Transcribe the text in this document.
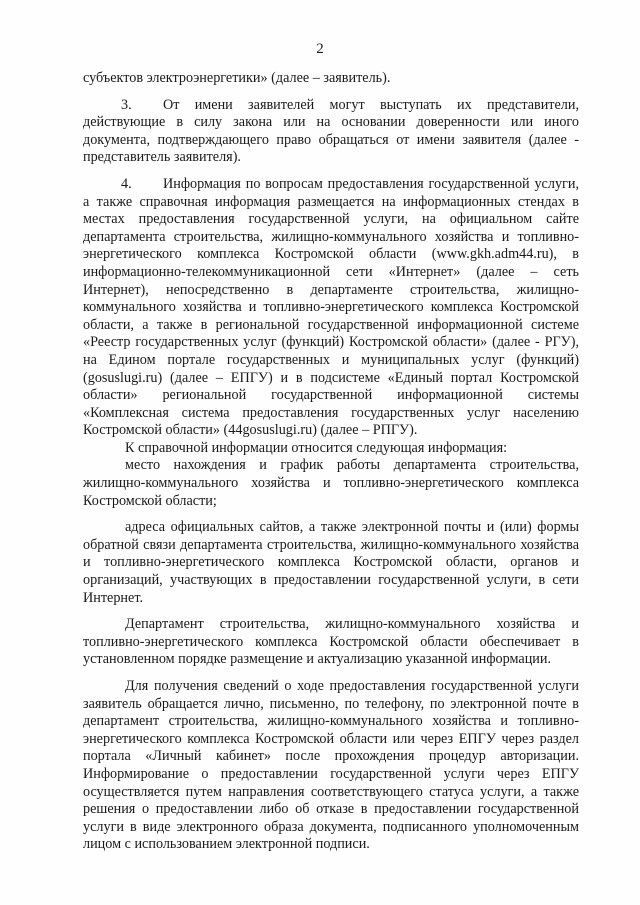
2

субъектов электроэнергетики» (далее – заявитель).

3. От имени заявителей могут выступать их представители, действующие в силу закона или на основании доверенности или иного документа, подтверждающего право обращаться от имени заявителя (далее - представитель заявителя).

4. Информация по вопросам предоставления государственной услуги, а также справочная информация размещается на информационных стендах в местах предоставления государственной услуги, на официальном сайте департамента строительства, жилищно-коммунального хозяйства и топливно-энергетического комплекса Костромской области (www.gkh.adm44.ru), в информационно-телекоммуникационной сети «Интернет» (далее – сеть Интернет), непосредственно в департаменте строительства, жилищно-коммунального хозяйства и топливно-энергетического комплекса Костромской области, а также в региональной государственной информационной системе «Реестр государственных услуг (функций) Костромской области» (далее - РГУ), на Едином портале государственных и муниципальных услуг (функций) (gosuslugi.ru) (далее – ЕПГУ) и в подсистеме «Единый портал Костромской области» региональной государственной информационной системы «Комплексная система предоставления государственных услуг населению Костромской области» (44gosuslugi.ru) (далее – РПГУ).

К справочной информации относится следующая информация:

место нахождения и график работы департамента строительства, жилищно-коммунального хозяйства и топливно-энергетического комплекса Костромской области;

адреса официальных сайтов, а также электронной почты и (или) формы обратной связи департамента строительства, жилищно-коммунального хозяйства и топливно-энергетического комплекса Костромской области, органов и организаций, участвующих в предоставлении государственной услуги, в сети Интернет.

Департамент строительства, жилищно-коммунального хозяйства и топливно-энергетического комплекса Костромской области обеспечивает в установленном порядке размещение и актуализацию указанной информации.

Для получения сведений о ходе предоставления государственной услуги заявитель обращается лично, письменно, по телефону, по электронной почте в департамент строительства, жилищно-коммунального хозяйства и топливно-энергетического комплекса Костромской области или через ЕПГУ через раздел портала «Личный кабинет» после прохождения процедур авторизации. Информирование о предоставлении государственной услуги через ЕПГУ осуществляется путем направления соответствующего статуса услуги, а также решения о предоставлении либо об отказе в предоставлении государственной услуги в виде электронного образа документа, подписанного уполномоченным лицом с использованием электронной подписи.
